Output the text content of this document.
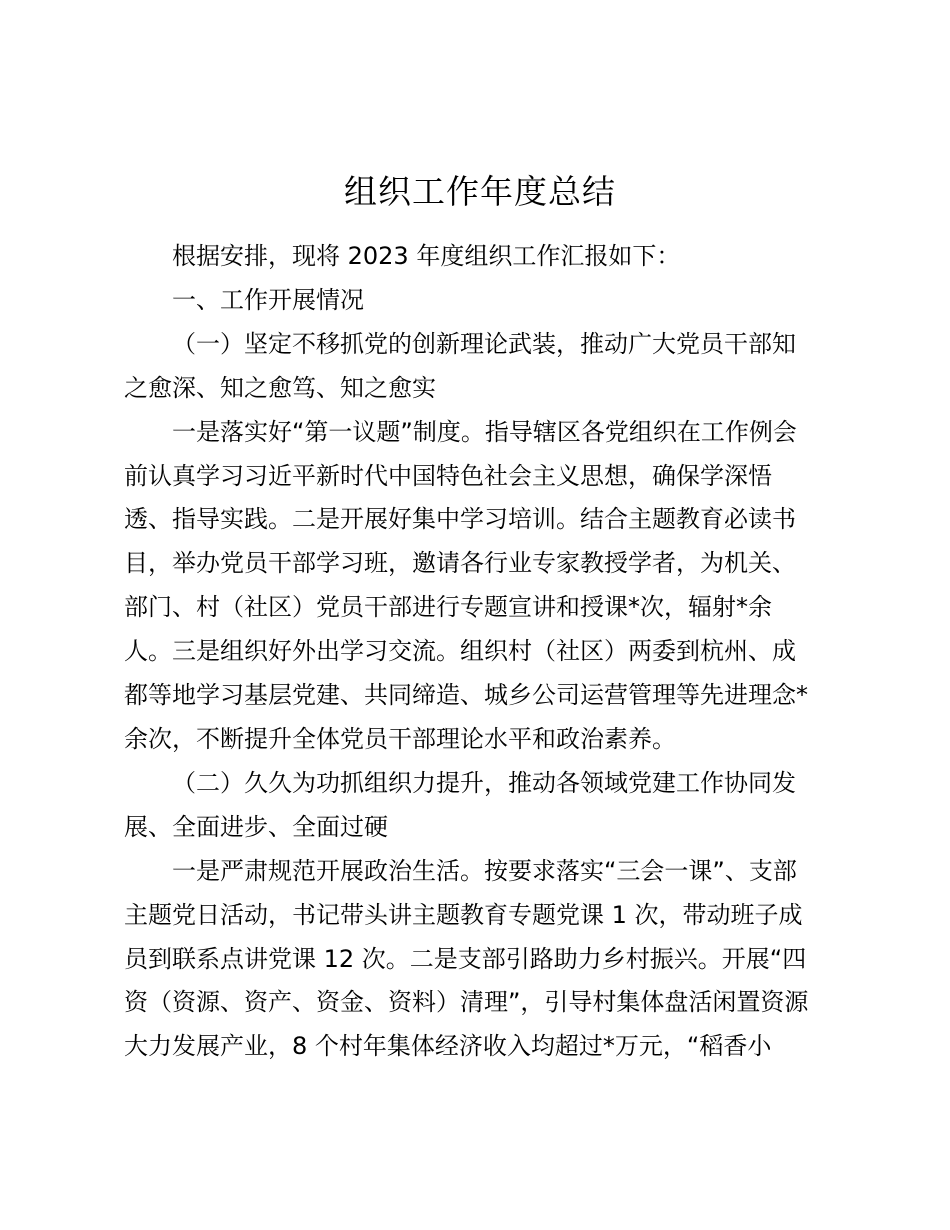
组织工作年度总结

根据安排，现将 2023 年度组织工作汇报如下：

一、工作开展情况

（一）坚定不移抓党的创新理论武装，推动广大党员干部知
之愈深、知之愈笃、知之愈实

一是落实好“第一议题”制度。指导辖区各党组织在工作例会
前认真学习习近平新时代中国特色社会主义思想，确保学深悟
透、指导实践。二是开展好集中学习培训。结合主题教育必读书
目，举办党员干部学习班，邀请各行业专家教授学者，为机关、
部门、村（社区）党员干部进行专题宣讲和授课*次，辐射*余
人。三是组织好外出学习交流。组织村（社区）两委到杭州、成
都等地学习基层党建、共同缔造、城乡公司运营管理等先进理念*
余次，不断提升全体党员干部理论水平和政治素养。

（二）久久为功抓组织力提升，推动各领域党建工作协同发
展、全面进步、全面过硬

一是严肃规范开展政治生活。按要求落实“三会一课”、支部
主题党日活动，书记带头讲主题教育专题党课 1 次，带动班子成
员到联系点讲党课 12 次。二是支部引路助力乡村振兴。开展“四
资（资源、资产、资金、资料）清理”，引导村集体盘活闲置资源
大力发展产业，8 个村年集体经济收入均超过*万元，“稻香小
